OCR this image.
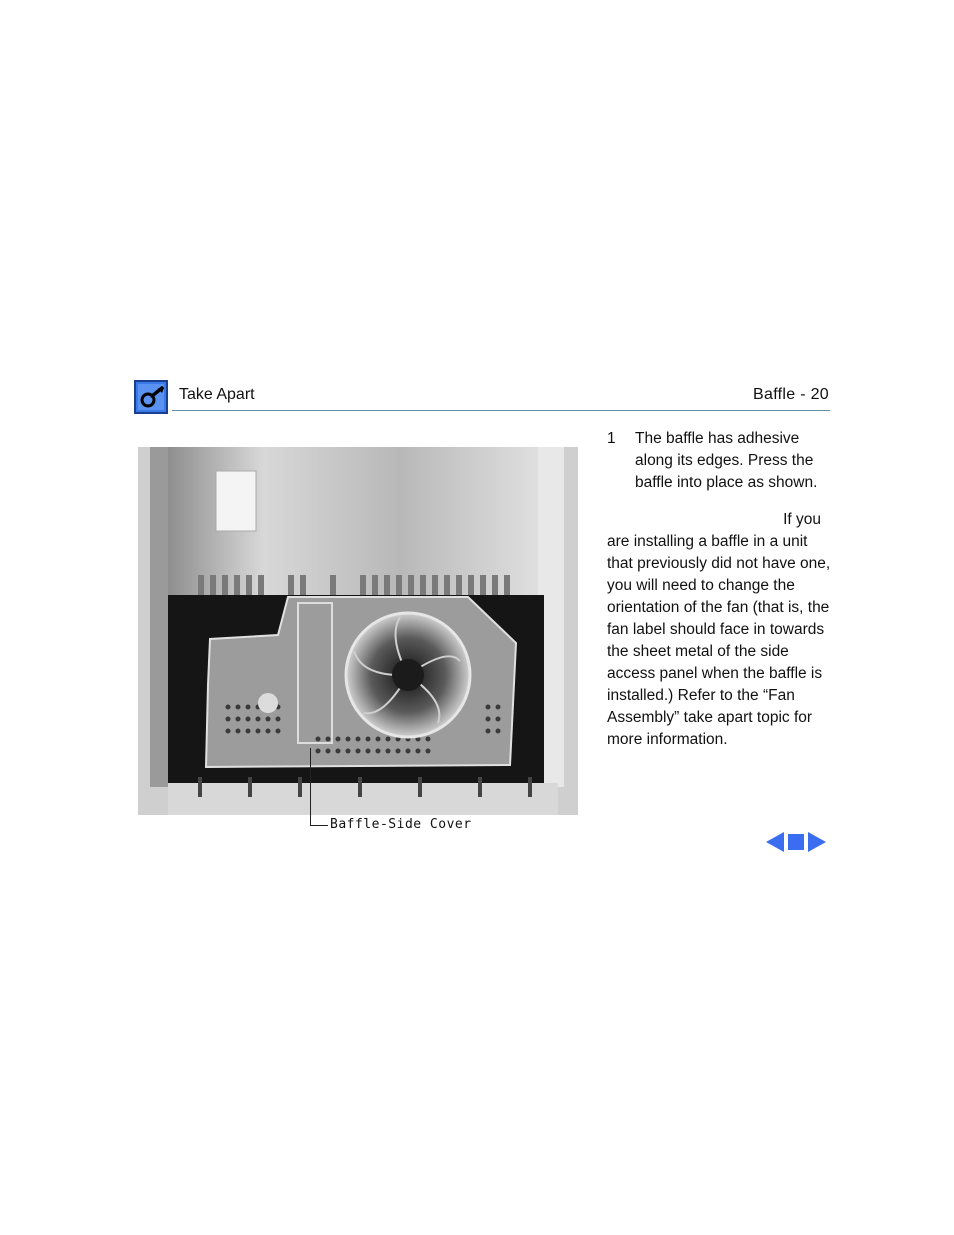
Take Apart	Baffle - 20
Baffle-Side Cover
1 The baffle has adhesive along its edges. Press the baffle into place as shown.
If you
are installing a baffle in a unit that previously did not have one, you will need to change the orientation of the fan (that is, the fan label should face in towards the sheet metal of the side access panel when the baffle is installed.) Refer to the “Fan Assembly” take apart topic for more information.
